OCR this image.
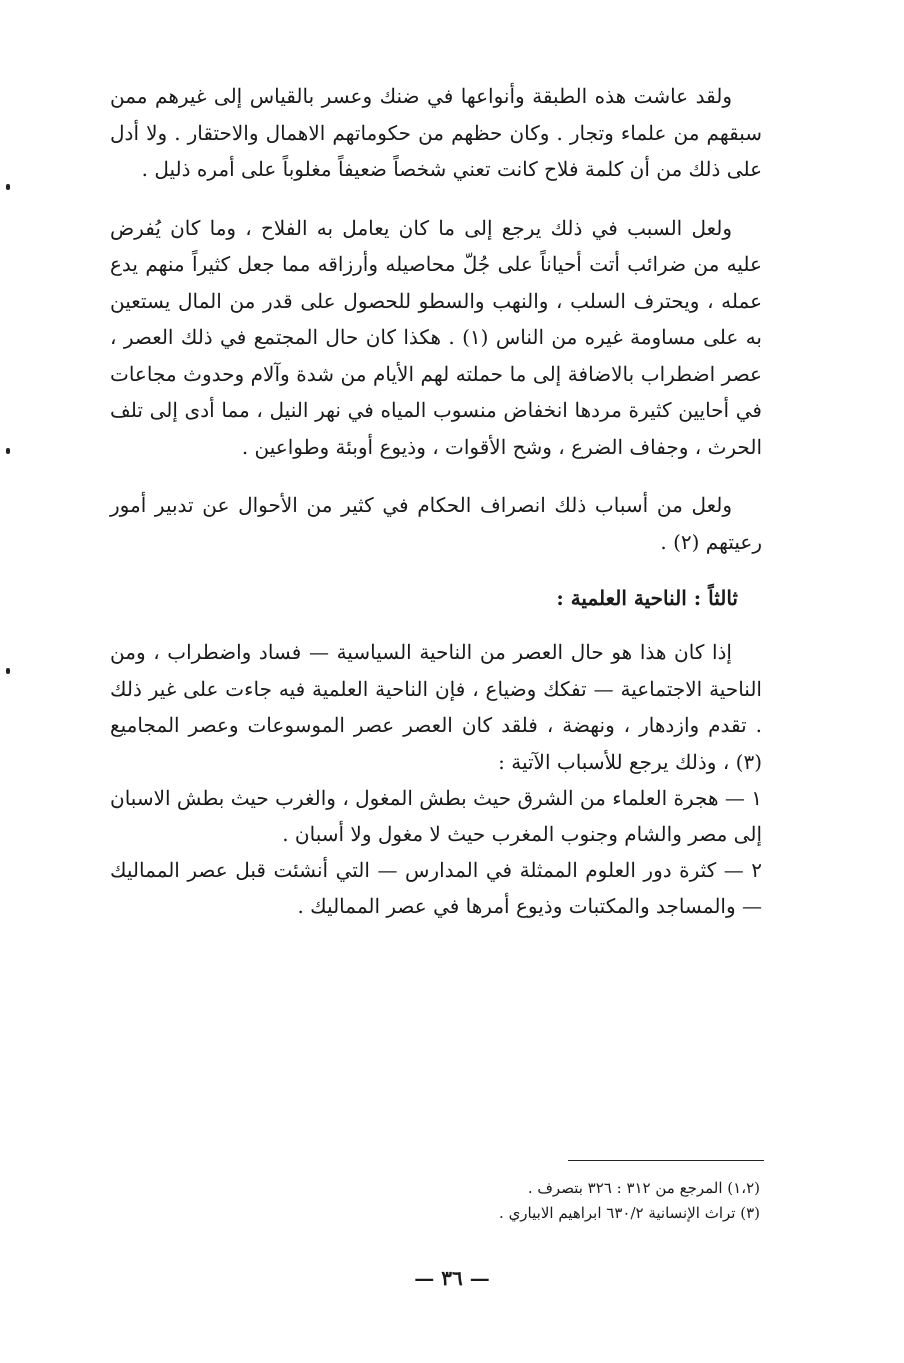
ولقد عاشت هذه الطبقة وأنواعها في ضنك وعسر بالقياس إلى غيرهم ممن سبقهم من علماء وتجار . وكان حظهم من حكوماتهم الاهمال والاحتقار . ولا أدل على ذلك من أن كلمة فلاح كانت تعني شخصاً ضعيفاً مغلوباً على أمره ذليل .

ولعل السبب في ذلك يرجع إلى ما كان يعامل به الفلاح ، وما كان يُفرض عليه من ضرائب أتت أحياناً على جُلّ محاصيله وأرزاقه مما جعل كثيراً منهم يدع عمله ، ويحترف السلب ، والنهب والسطو للحصول على قدر من المال يستعين به على مساومة غيره من الناس (١) . هكذا كان حال المجتمع في ذلك العصر ، عصر اضطراب بالاضافة إلى ما حملته لهم الأيام من شدة وآلام وحدوث مجاعات في أحايين كثيرة مردها انخفاض منسوب المياه في نهر النيل ، مما أدى إلى تلف الحرث ، وجفاف الضرع ، وشح الأقوات ، وذيوع أوبئة وطواعين .

ولعل من أسباب ذلك انصراف الحكام في كثير من الأحوال عن تدبير أمور رعيتهم (٢) .

ثالثاً : الناحية العلمية :

إذا كان هذا هو حال العصر من الناحية السياسية — فساد واضطراب ، ومن الناحية الاجتماعية — تفكك وضياع ، فإن الناحية العلمية فيه جاءت على غير ذلك . تقدم وازدهار ، ونهضة ، فلقد كان العصر عصر الموسوعات وعصر المجاميع (٣) ، وذلك يرجع للأسباب الآتية :

١ — هجرة العلماء من الشرق حيث بطش المغول ، والغرب حيث بطش الاسبان إلى مصر والشام وجنوب المغرب حيث لا مغول ولا أسبان .

٢ — كثرة دور العلوم الممثلة في المدارس — التي أنشئت قبل عصر المماليك — والمساجد والمكتبات وذيوع أمرها في عصر المماليك .

(١،٢) المرجع من ٣١٢ : ٣٢٦ بتصرف .
(٣) تراث الإنسانية ٦٣٠/٢ ابراهيم الابياري .
— ٣٦ —
